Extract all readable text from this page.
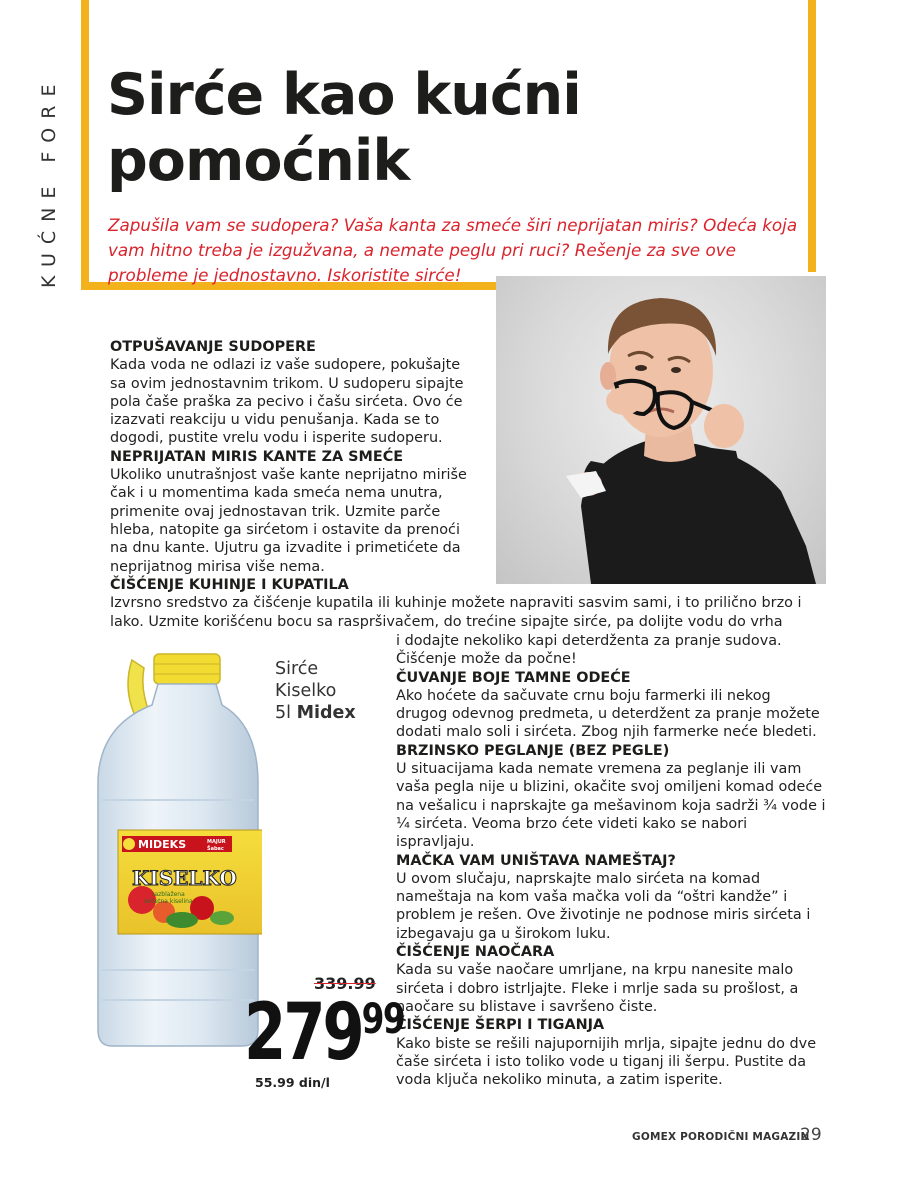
KUĆNE FORE Sirće kao kućni pomoćnik

Zapušila vam se sudopera? Vaša kanta za smeće širi neprijatan miris? Odeća koja vam hitno treba je izgužvana, a nemate peglu pri ruci? Rešenje za sve ove probleme je jednostavno. Iskoristite sirće!

OTPUŠAVANJE SUDOPERE

Kada voda ne odlazi iz vaše sudopere, pokušajte sa ovim jednostavnim trikom. U sudoperu sipajte pola čaše praška za pecivo i čašu sirćeta. Ovo će izazvati reakciju u vidu penušanja. Kada se to dogodi, pustite vrelu vodu i isperite sudoperu.

NEPRIJATAN MIRIS KANTE ZA SMEĆE

Ukoliko unutrašnjost vaše kante neprijatno miriše čak i u momentima kada smeća nema unutra, primenite ovaj jednostavan trik. Uzmite parče hleba, natopite ga sirćetom i ostavite da prenoći na dnu kante. Ujutru ga izvadite i primetićete da neprijatnog mirisa više nema.

ČIŠĆENJE KUHINJE I KUPATILA

Izvrsno sredstvo za čišćenje kupatila ili kuhinje možete napraviti sasvim sami, i to prilično brzo i lako. Uzmite korišćenu bocu sa raspršivačem, do trećine sipajte sirće, pa dolijte vodu do vrha

i dodajte nekoliko kapi deterdženta za pranje sudova. Čišćenje može da počne!

ČUVANJE BOJE TAMNE ODEĆE

Ako hoćete da sačuvate crnu boju farmerki ili nekog drugog odevnog predmeta, u deterdžent za pranje možete dodati malo soli i sirćeta. Zbog njih farmerke neće bledeti.

BRZINSKO PEGLANJE (BEZ PEGLE)

U situacijama kada nemate vremena za peglanje ili vam vaša pegla nije u blizini, okačite svoj omiljeni komad odeće na vešalicu i naprskajte ga mešavinom koja sadrži ¾ vode i ¼ sirćeta. Veoma brzo ćete videti kako se nabori ispravljaju.

MAČKA VAM UNIŠTAVA NAMEŠTAJ?

U ovom slučaju, naprskajte malo sirćeta na komad nameštaja na kom vaša mačka voli da “oštri kandže” i problem je rešen. Ove životinje ne podnose miris sirćeta i izbegavaju ga u širokom luku.

ČIŠĆENJE NAOČARA

Kada su vaše naočare umrljane, na krpu nanesite malo sirćeta i dobro istrljajte. Fleke i mrlje sada su prošlost, a naočare su blistave i savršeno čiste.

ČIŠĆENJE ŠERPI I TIGANJA

Kako biste se rešili najupornijih mrlja, sipajte jednu do dve čaše sirćeta i isto toliko vode u tiganj ili šerpu. Pustite da voda ključa nekoliko minuta, a zatim isperite.

MIDEKS	MAJUR
Šabac
KISELKO
razblažena
sirćetna kiselina
Sirće
Kiselko
5l Midex
339.99
279 99
55.99 din/l
GOMEX PORODIČNI MAGAZIN
29
